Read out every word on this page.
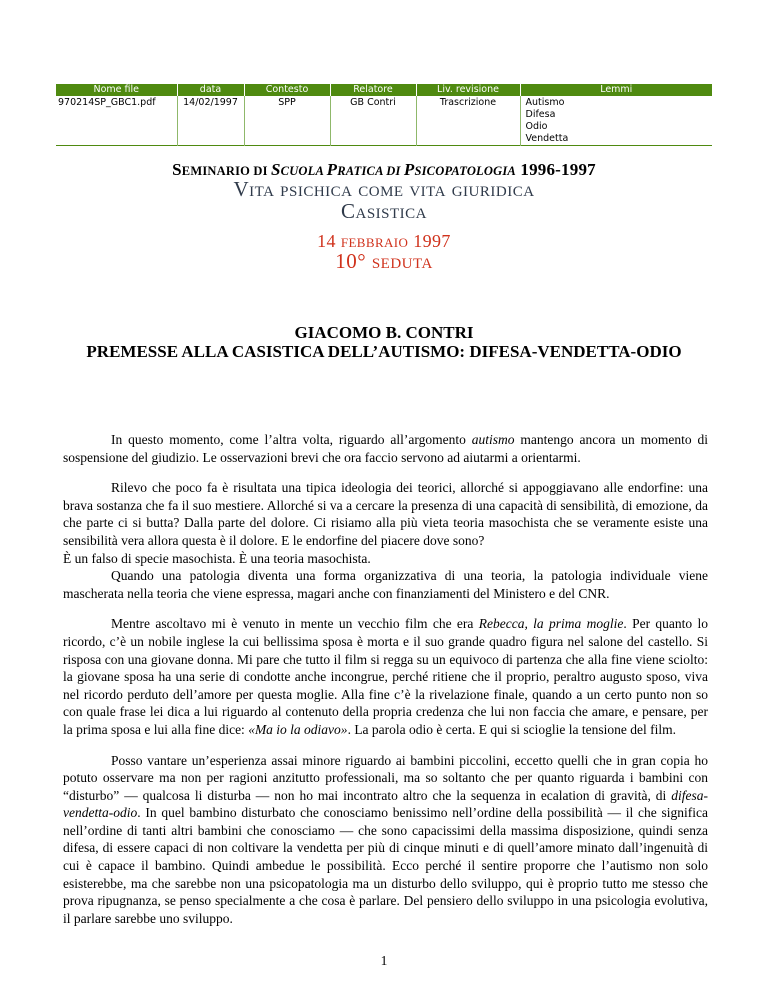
Nome file	data	Contesto	Relatore	Liv. revisione	Lemmi
970214SP_GBC1.pdf	14/02/1997	SPP	GB Contri	Trascrizione	Autismo
Difesa
Odio
Vendetta
SEMINARIO DI SCUOLA PRATICA DI PSICOPATOLOGIA 1996-1997
Vita psichica come vita giuridica
Casistica
14 febbraio 1997
10° seduta
GIACOMO B. CONTRI
PREMESSE ALLA CASISTICA DELL’AUTISMO: DIFESA-VENDETTA-ODIO

In questo momento, come l’altra volta, riguardo all’argomento autismo mantengo ancora un momento di sospensione del giudizio. Le osservazioni brevi che ora faccio servono ad aiutarmi a orientarmi.

Rilevo che poco fa è risultata una tipica ideologia dei teorici, allorché si appoggiavano alle endorfine: una brava sostanza che fa il suo mestiere. Allorché si va a cercare la presenza di una capacità di sensibilità, di emozione, da che parte ci si butta? Dalla parte del dolore. Ci risiamo alla più vieta teoria masochista che se veramente esiste una sensibilità vera allora questa è il dolore. E le endorfine del piacere dove sono?

È un falso di specie masochista. È una teoria masochista.

Quando una patologia diventa una forma organizzativa di una teoria, la patologia individuale viene mascherata nella teoria che viene espressa, magari anche con finanziamenti del Ministero e del CNR.

Mentre ascoltavo mi è venuto in mente un vecchio film che era Rebecca, la prima moglie. Per quanto lo ricordo, c’è un nobile inglese la cui bellissima sposa è morta e il suo grande quadro figura nel salone del castello. Si risposa con una giovane donna. Mi pare che tutto il film si regga su un equivoco di partenza che alla fine viene sciolto: la giovane sposa ha una serie di condotte anche incongrue, perché ritiene che il proprio, peraltro augusto sposo, viva nel ricordo perduto dell’amore per questa moglie. Alla fine c’è la rivelazione finale, quando a un certo punto non so con quale frase lei dica a lui riguardo al contenuto della propria credenza che lui non faccia che amare, e pensare, per la prima sposa e lui alla fine dice: «Ma io la odiavo». La parola odio è certa. E qui si scioglie la tensione del film.

Posso vantare un’esperienza assai minore riguardo ai bambini piccolini, eccetto quelli che in gran copia ho potuto osservare ma non per ragioni anzitutto professionali, ma so soltanto che per quanto riguarda i bambini con “disturbo” — qualcosa li disturba — non ho mai incontrato altro che la sequenza in ecalation di gravità, di difesa-vendetta-odio. In quel bambino disturbato che conosciamo benissimo nell’ordine della possibilità — il che significa nell’ordine di tanti altri bambini che conosciamo — che sono capacissimi della massima disposizione, quindi senza difesa, di essere capaci di non coltivare la vendetta per più di cinque minuti e di quell’amore minato dall’ingenuità di cui è capace il bambino. Quindi ambedue le possibilità. Ecco perché il sentire proporre che l’autismo non solo esisterebbe, ma che sarebbe non una psicopatologia ma un disturbo dello sviluppo, qui è proprio tutto me stesso che prova ripugnanza, se penso specialmente a che cosa è parlare. Del pensiero dello sviluppo in una psicologia evolutiva, il parlare sarebbe uno sviluppo.

1
